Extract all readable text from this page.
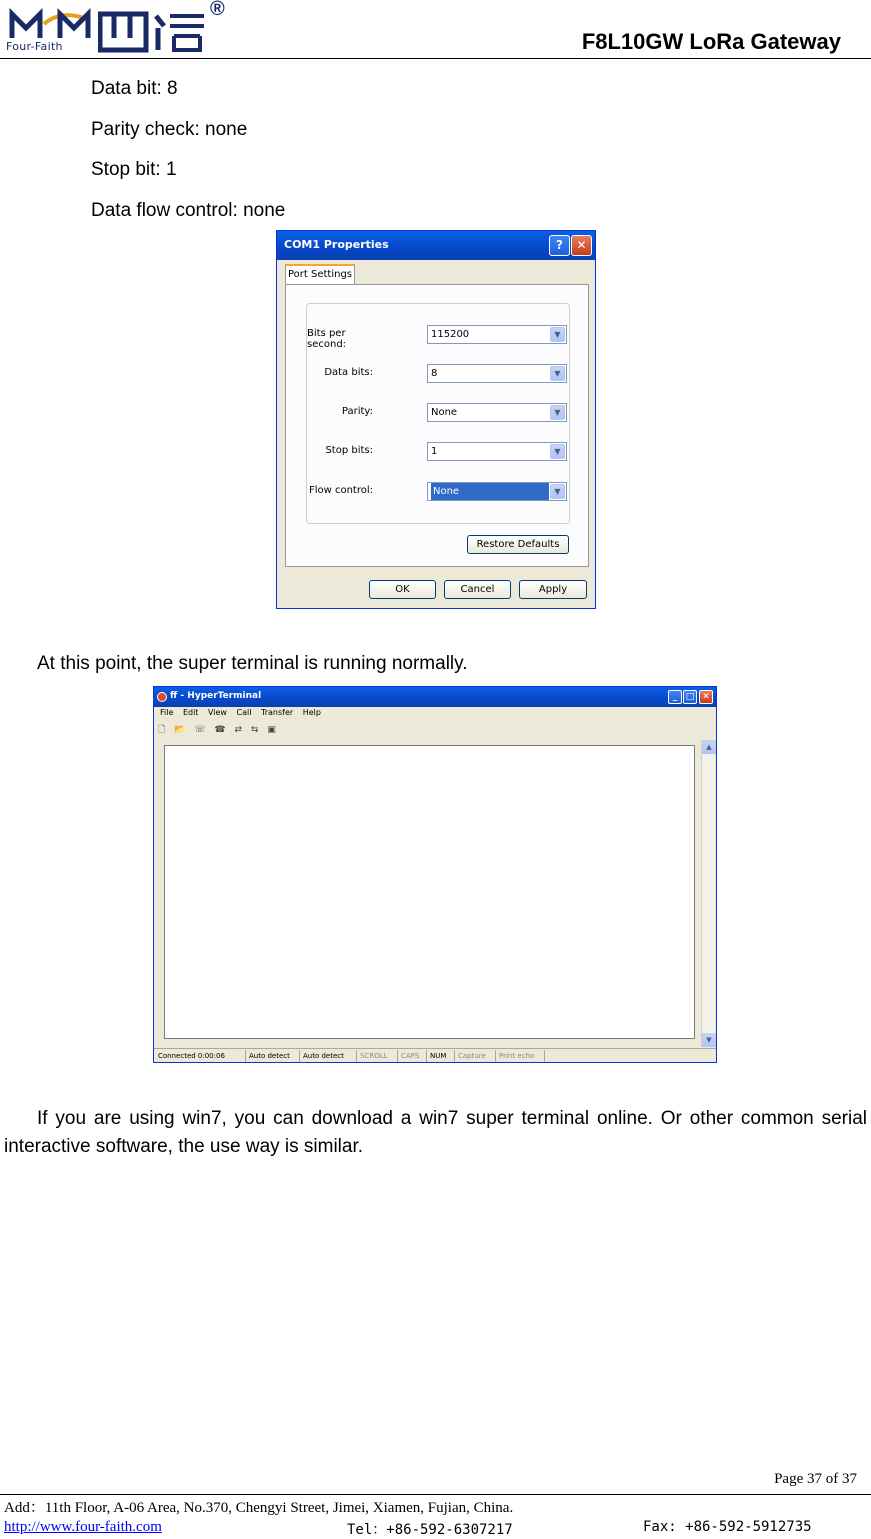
Four-Faith
®
F8L10GW LoRa Gateway
Data bit: 8
Parity check: none
Stop bit: 1
Data flow control: none
COM1 Properties	?	✕
Port Settings
Bits per second:
115200	▼
Data bits:	8	▼
Parity:	None	▼
Stop bits:	1	▼
Flow control:	None	▼
Restore Defaults
OK	Cancel	Apply
At this point, the super terminal is running normally.
ff - HyperTerminal	_ □ ✕
File Edit View Call Transfer Help
🗋 📂 ☏ ☎ ⇄ ⇆ ▣
▲
▼
Connected 0:00:06	Auto detect	Auto detect	SCROLL	CAPS	NUM	Capture	Print echo
If you are using win7, you can download a win7 super terminal online. Or other common serial interactive software, the use way is similar.
Page 37 of 37
Add：11th Floor, A-06 Area, No.370, Chengyi Street, Jimei, Xiamen, Fujian, China.
http://www.four-faith.com	Tel：+86-592-6307217	Fax: +86-592-5912735
